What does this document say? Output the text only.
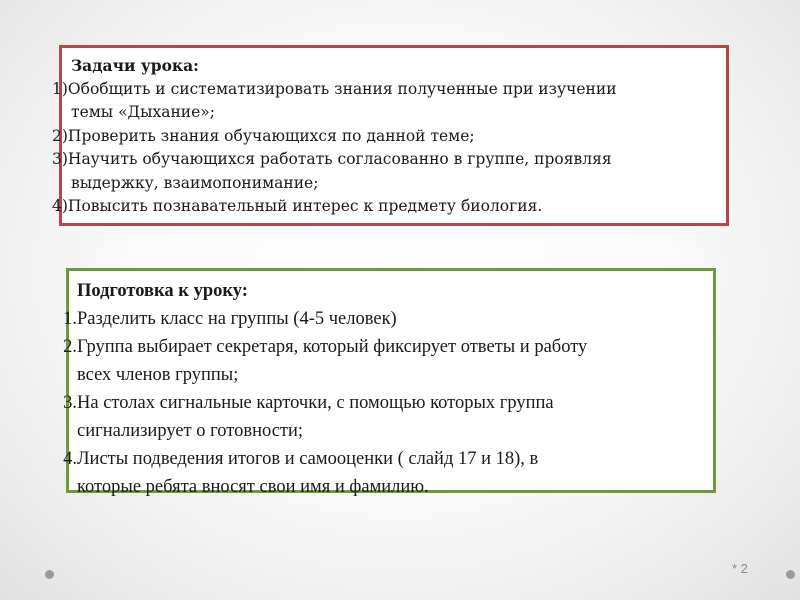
Задачи урока:
1)Обобщить и систематизировать знания полученные при изучении
темы «Дыхание»;
2)Проверить знания обучающихся по данной теме;
3)Научить обучающихся работать согласованно в группе, проявляя
выдержку, взаимопонимание;
4)Повысить познавательный интерес к предмету биология.
Подготовка к уроку:
1.Разделить класс на группы (4-5 человек)
2.Группа выбирает секретаря, который фиксирует ответы и работу
всех членов группы;
3.На столах сигнальные карточки, с помощью которых группа
сигнализирует о готовности;
4.Листы подведения итогов и самооценки ( слайд 17 и 18), в
которые ребята вносят свои имя и фамилию.
* 2
